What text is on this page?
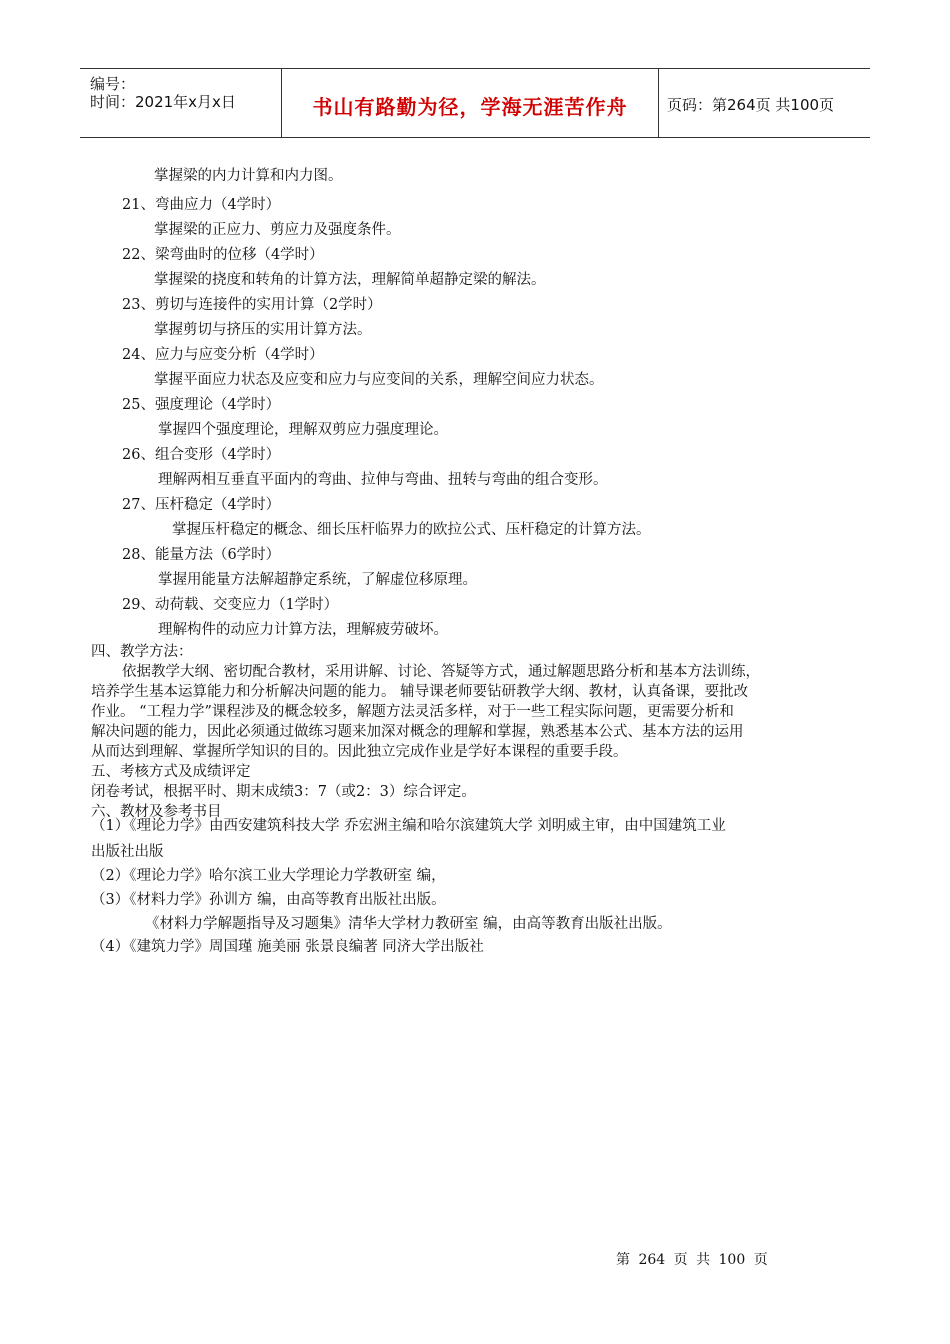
编号：
时间：2021年x月x日	书山有路勤为径，学海无涯苦作舟	页码：第264页 共100页
掌握梁的内力计算和内力图。
21、弯曲应力（4学时）
掌握梁的正应力、剪应力及强度条件。
22、梁弯曲时的位移（4学时）
掌握梁的挠度和转角的计算方法，理解简单超静定梁的解法。
23、剪切与连接件的实用计算（2学时）
掌握剪切与挤压的实用计算方法。
24、应力与应变分析（4学时）
掌握平面应力状态及应变和应力与应变间的关系，理解空间应力状态。
25、强度理论（4学时）
掌握四个强度理论，理解双剪应力强度理论。
26、组合变形（4学时）
理解两相互垂直平面内的弯曲、拉伸与弯曲、扭转与弯曲的组合变形。
27、压杆稳定（4学时）
掌握压杆稳定的概念、细长压杆临界力的欧拉公式、压杆稳定的计算方法。
28、能量方法（6学时）
掌握用能量方法解超静定系统，了解虚位移原理。
29、动荷载、交变应力（1学时）
理解构件的动应力计算方法，理解疲劳破坏。
四、教学方法：
依据教学大纲、密切配合教材，采用讲解、讨论、答疑等方式，通过解题思路分析和基本方法训练，
培养学生基本运算能力和分析解决问题的能力。 辅导课老师要钻研教学大纲、教材，认真备课，要批改
作业。 “工程力学”课程涉及的概念较多，解题方法灵活多样，对于一些工程实际问题，更需要分析和
解决问题的能力，因此必须通过做练习题来加深对概念的理解和掌握，熟悉基本公式、基本方法的运用
从而达到理解、掌握所学知识的目的。因此独立完成作业是学好本课程的重要手段。
五、考核方式及成绩评定
闭卷考试，根据平时、期末成绩3：7（或2：3）综合评定。
六、教材及参考书目
（1）《理论力学》由西安建筑科技大学 乔宏洲主编和哈尔滨建筑大学 刘明威主审，由中国建筑工业
出版社出版
（2）《理论力学》哈尔滨工业大学理论力学教研室 编，
（3）《材料力学》孙训方 编，由高等教育出版社出版。
《材料力学解题指导及习题集》清华大学材力教研室 编，由高等教育出版社出版。
（4）《建筑力学》周国瑾 施美丽 张景良编著 同济大学出版社
第 264 页 共 100 页
